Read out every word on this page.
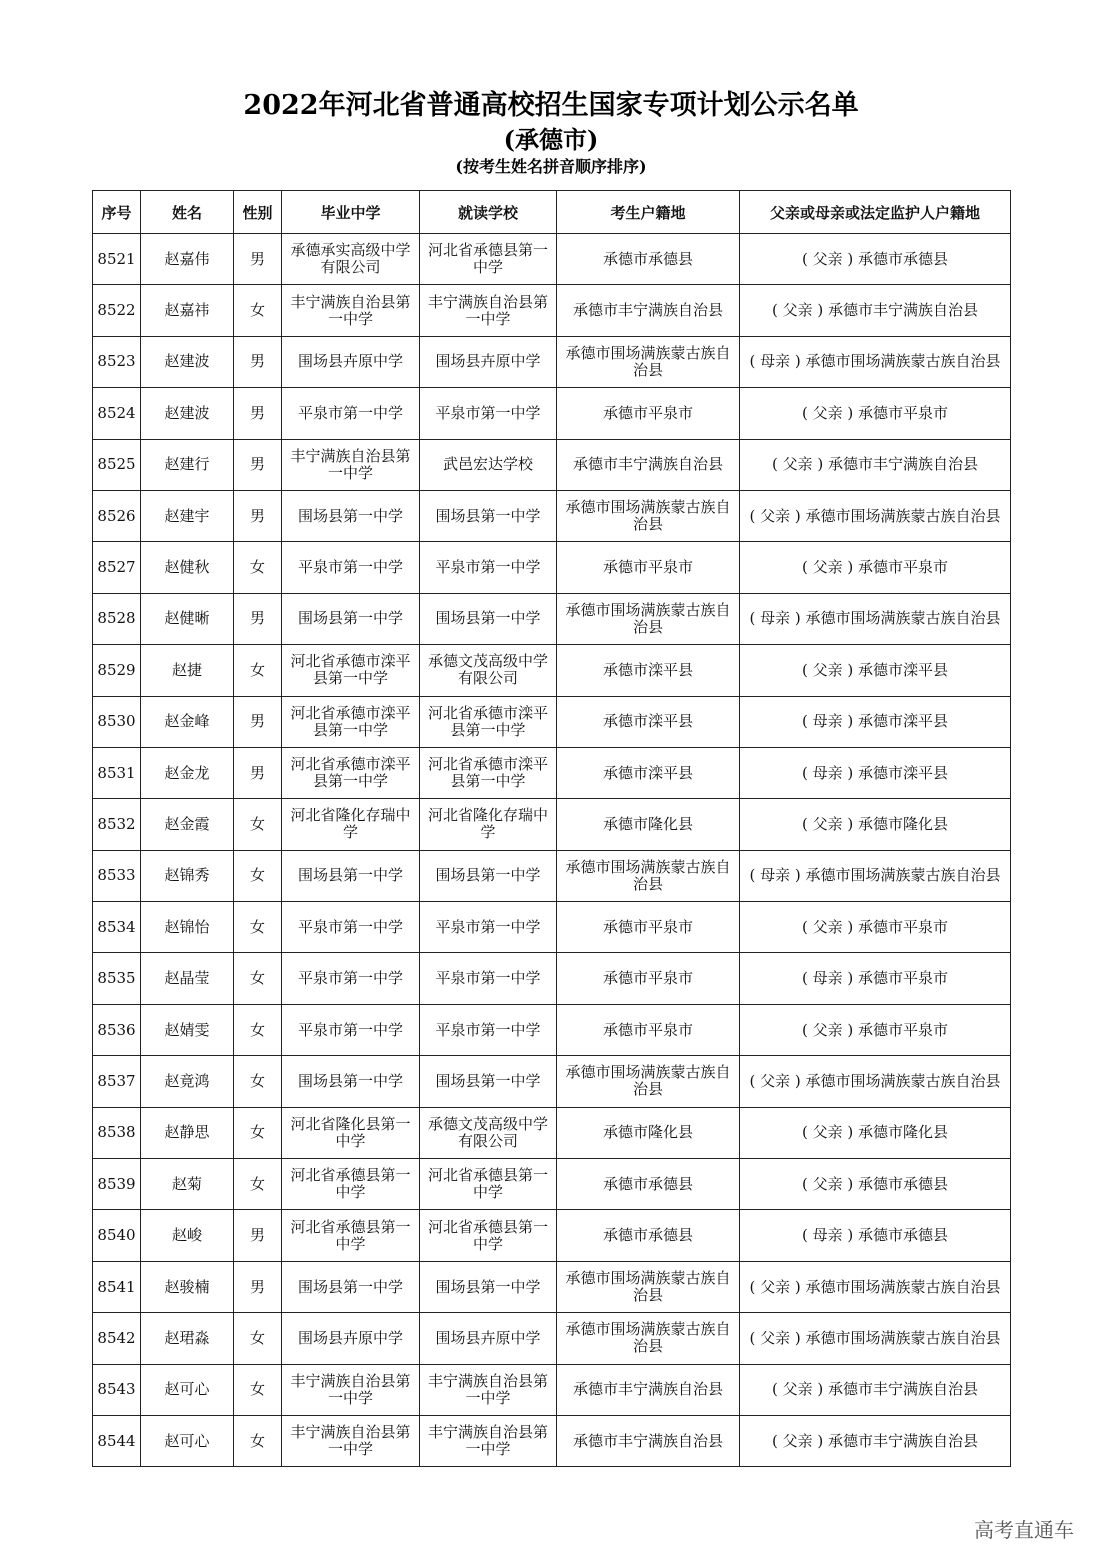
2022年河北省普通高校招生国家专项计划公示名单
(承德市)
(按考生姓名拼音顺序排序)
序号	姓名	性别	毕业中学	就读学校	考生户籍地	父亲或母亲或法定监护人户籍地
8521	赵嘉伟	男	承德承实高级中学有限公司	河北省承德县第一中学	承德市承德县	( 父亲 ) 承德市承德县
8522	赵嘉祎	女	丰宁满族自治县第一中学	丰宁满族自治县第一中学	承德市丰宁满族自治县	( 父亲 ) 承德市丰宁满族自治县
8523	赵建波	男	围场县卉原中学	围场县卉原中学	承德市围场满族蒙古族自治县	( 母亲 ) 承德市围场满族蒙古族自治县
8524	赵建波	男	平泉市第一中学	平泉市第一中学	承德市平泉市	( 父亲 ) 承德市平泉市
8525	赵建行	男	丰宁满族自治县第一中学	武邑宏达学校	承德市丰宁满族自治县	( 父亲 ) 承德市丰宁满族自治县
8526	赵建宇	男	围场县第一中学	围场县第一中学	承德市围场满族蒙古族自治县	( 父亲 ) 承德市围场满族蒙古族自治县
8527	赵健秋	女	平泉市第一中学	平泉市第一中学	承德市平泉市	( 父亲 ) 承德市平泉市
8528	赵健晰	男	围场县第一中学	围场县第一中学	承德市围场满族蒙古族自治县	( 母亲 ) 承德市围场满族蒙古族自治县
8529	赵捷	女	河北省承德市滦平县第一中学	承德文茂高级中学有限公司	承德市滦平县	( 父亲 ) 承德市滦平县
8530	赵金峰	男	河北省承德市滦平县第一中学	河北省承德市滦平县第一中学	承德市滦平县	( 母亲 ) 承德市滦平县
8531	赵金龙	男	河北省承德市滦平县第一中学	河北省承德市滦平县第一中学	承德市滦平县	( 母亲 ) 承德市滦平县
8532	赵金霞	女	河北省隆化存瑞中学	河北省隆化存瑞中学	承德市隆化县	( 父亲 ) 承德市隆化县
8533	赵锦秀	女	围场县第一中学	围场县第一中学	承德市围场满族蒙古族自治县	( 母亲 ) 承德市围场满族蒙古族自治县
8534	赵锦怡	女	平泉市第一中学	平泉市第一中学	承德市平泉市	( 父亲 ) 承德市平泉市
8535	赵晶莹	女	平泉市第一中学	平泉市第一中学	承德市平泉市	( 母亲 ) 承德市平泉市
8536	赵婧雯	女	平泉市第一中学	平泉市第一中学	承德市平泉市	( 父亲 ) 承德市平泉市
8537	赵竟鸿	女	围场县第一中学	围场县第一中学	承德市围场满族蒙古族自治县	( 父亲 ) 承德市围场满族蒙古族自治县
8538	赵静思	女	河北省隆化县第一中学	承德文茂高级中学有限公司	承德市隆化县	( 父亲 ) 承德市隆化县
8539	赵菊	女	河北省承德县第一中学	河北省承德县第一中学	承德市承德县	( 父亲 ) 承德市承德县
8540	赵峻	男	河北省承德县第一中学	河北省承德县第一中学	承德市承德县	( 母亲 ) 承德市承德县
8541	赵骏楠	男	围场县第一中学	围场县第一中学	承德市围场满族蒙古族自治县	( 父亲 ) 承德市围场满族蒙古族自治县
8542	赵珺淼	女	围场县卉原中学	围场县卉原中学	承德市围场满族蒙古族自治县	( 父亲 ) 承德市围场满族蒙古族自治县
8543	赵可心	女	丰宁满族自治县第一中学	丰宁满族自治县第一中学	承德市丰宁满族自治县	( 父亲 ) 承德市丰宁满族自治县
8544	赵可心	女	丰宁满族自治县第一中学	丰宁满族自治县第一中学	承德市丰宁满族自治县	( 父亲 ) 承德市丰宁满族自治县
高考直通车
